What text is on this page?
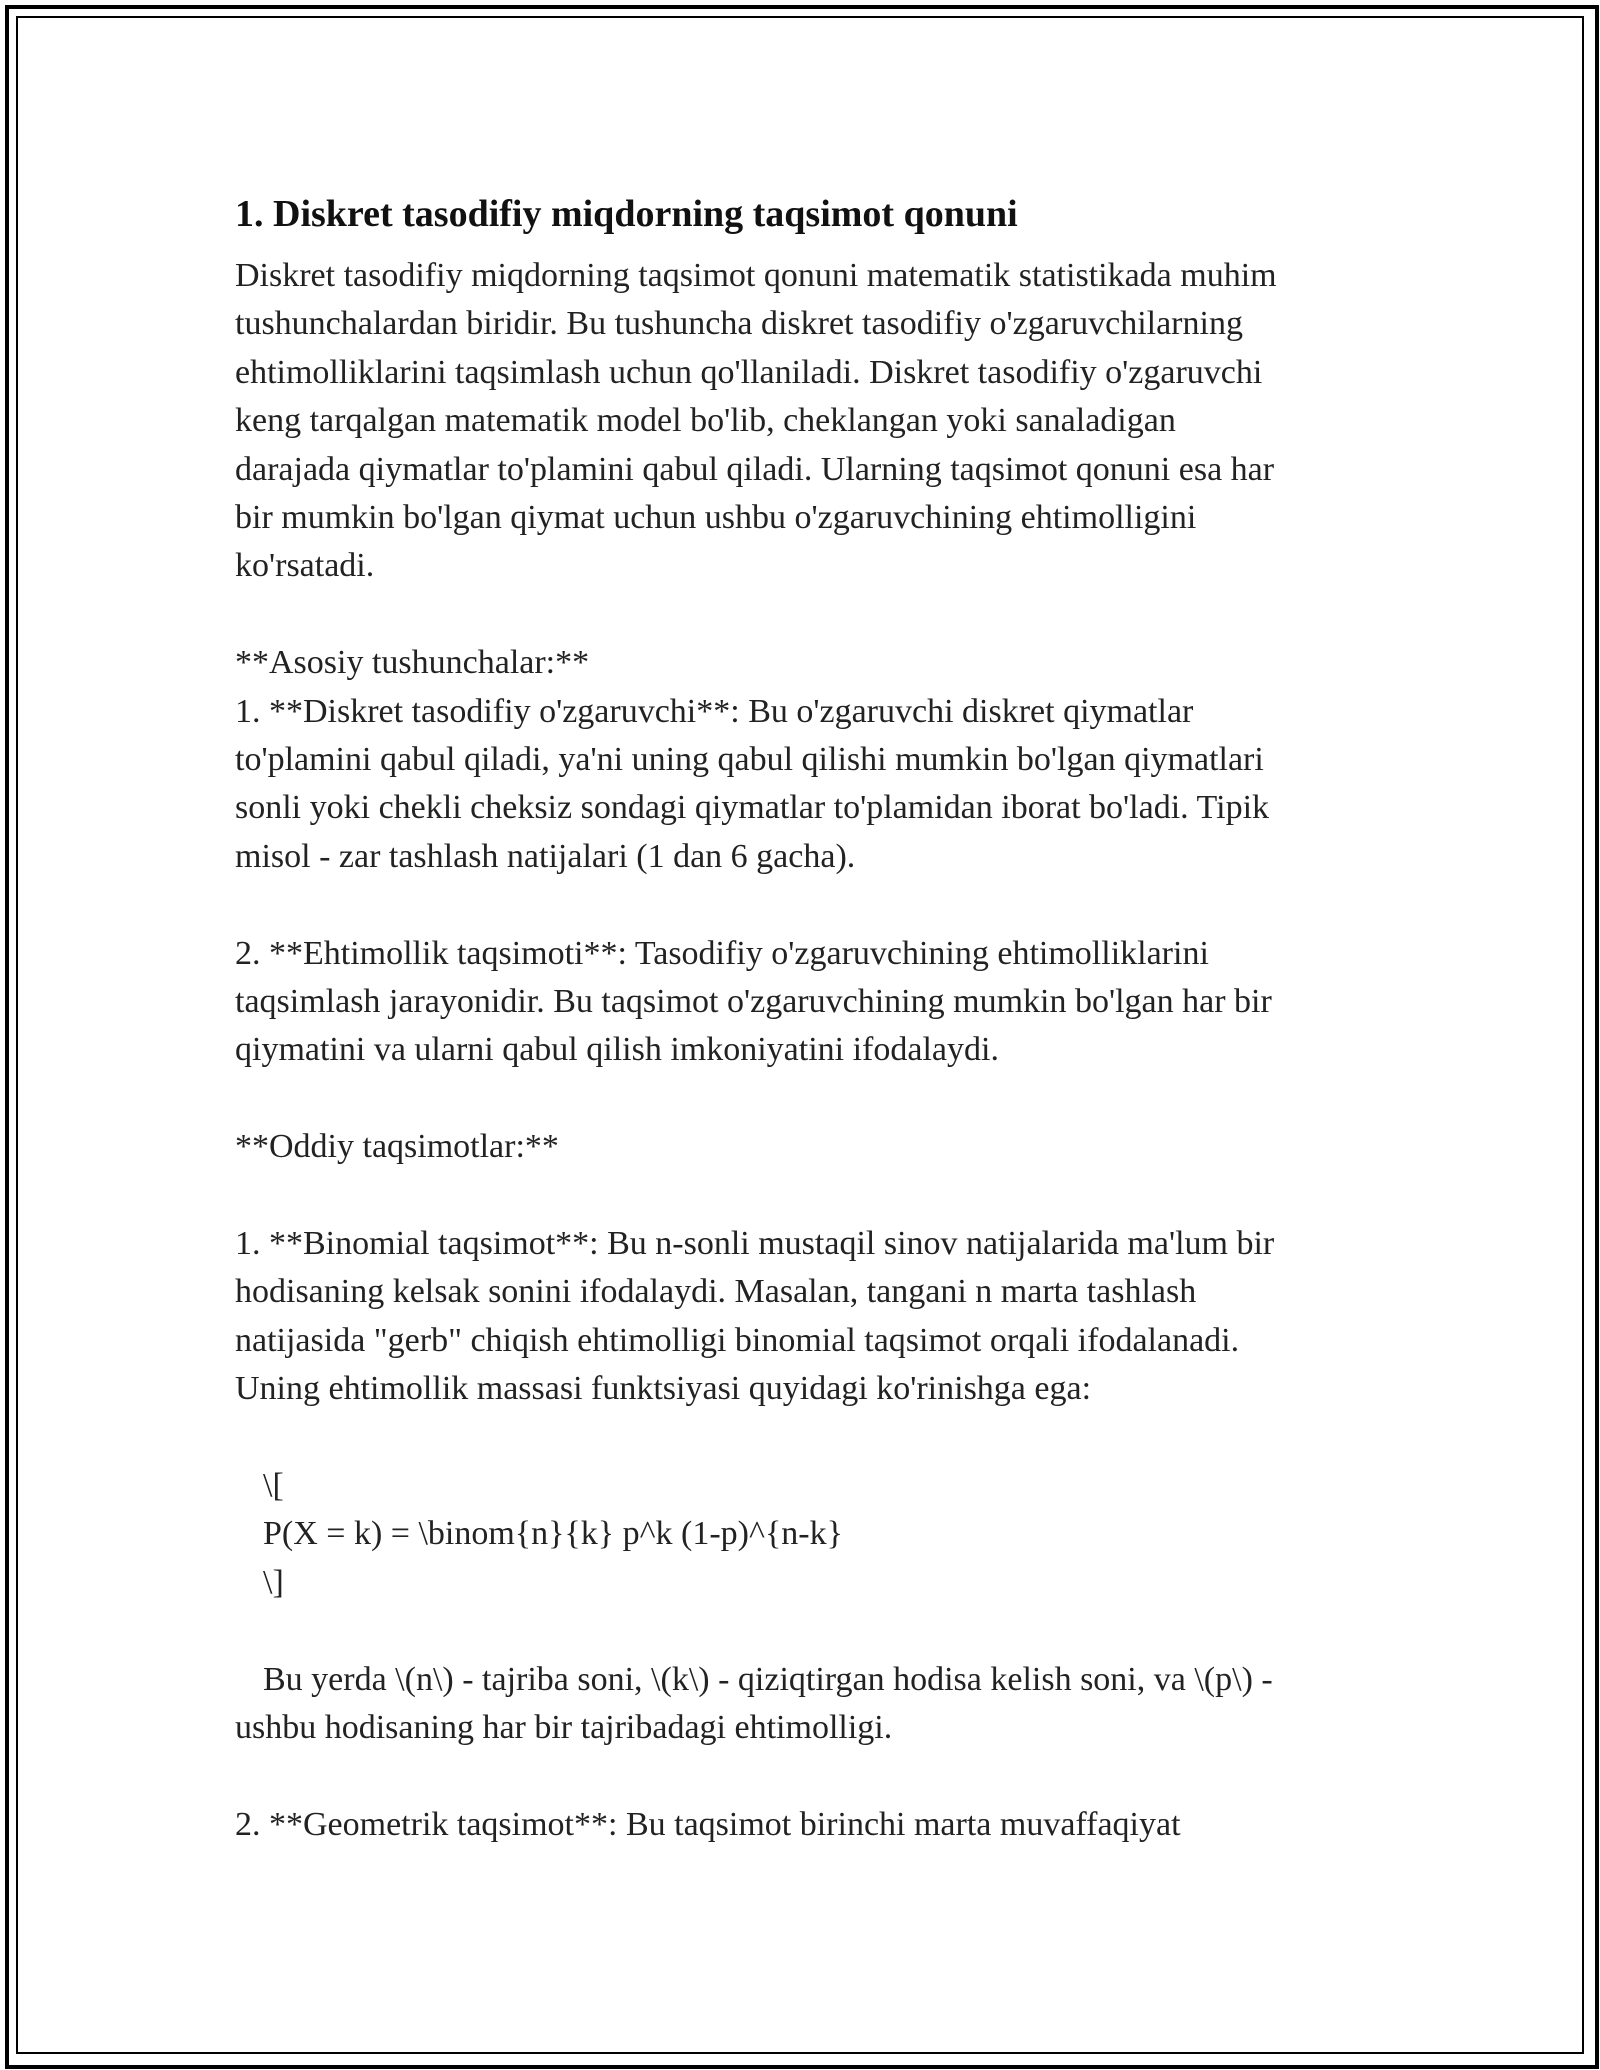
1. Diskret tasodifiy miqdorning taqsimot qonuni
Diskret tasodifiy miqdorning taqsimot qonuni matematik statistikada muhim
tushunchalardan biridir. Bu tushuncha diskret tasodifiy o'zgaruvchilarning
ehtimolliklarini taqsimlash uchun qo'llaniladi. Diskret tasodifiy o'zgaruvchi
keng tarqalgan matematik model bo'lib, cheklangan yoki sanaladigan
darajada qiymatlar to'plamini qabul qiladi. Ularning taqsimot qonuni esa har
bir mumkin bo'lgan qiymat uchun ushbu o'zgaruvchining ehtimolligini
ko'rsatadi.
**Asosiy tushunchalar:**
1. **Diskret tasodifiy o'zgaruvchi**: Bu o'zgaruvchi diskret qiymatlar
to'plamini qabul qiladi, ya'ni uning qabul qilishi mumkin bo'lgan qiymatlari
sonli yoki chekli cheksiz sondagi qiymatlar to'plamidan iborat bo'ladi. Tipik
misol - zar tashlash natijalari (1 dan 6 gacha).
2. **Ehtimollik taqsimoti**: Tasodifiy o'zgaruvchining ehtimolliklarini
taqsimlash jarayonidir. Bu taqsimot o'zgaruvchining mumkin bo'lgan har bir
qiymatini va ularni qabul qilish imkoniyatini ifodalaydi.
**Oddiy taqsimotlar:**
1. **Binomial taqsimot**: Bu n-sonli mustaqil sinov natijalarida ma'lum bir
hodisaning kelsak sonini ifodalaydi. Masalan, tangani n marta tashlash
natijasida "gerb" chiqish ehtimolligi binomial taqsimot orqali ifodalanadi.
Uning ehtimollik massasi funktsiyasi quyidagi ko'rinishga ega:
\[
P(X = k) = \binom{n}{k} p^k (1-p)^{n-k}
\]
Bu yerda \(n\) - tajriba soni, \(k\) - qiziqtirgan hodisa kelish soni, va \(p\) -
ushbu hodisaning har bir tajribadagi ehtimolligi.
2. **Geometrik taqsimot**: Bu taqsimot birinchi marta muvaffaqiyat
